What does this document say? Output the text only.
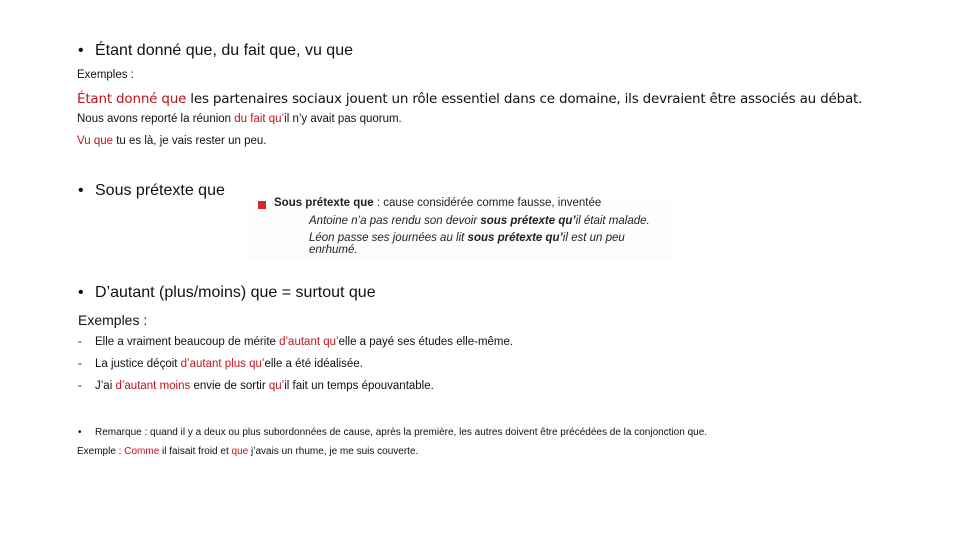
• Étant donné que, du fait que, vu que
Exemples :
Étant donné que les partenaires sociaux jouent un rôle essentiel dans ce domaine, ils devraient être associés au débat.
Nous avons reporté la réunion du fait qu’il n’y avait pas quorum.
Vu que tu es là, je vais rester un peu.
• Sous prétexte que
Sous prétexte que : cause considérée comme fausse, inventée
Antoine n’a pas rendu son devoir sous prétexte qu’il était malade.
Léon passe ses journées au lit sous prétexte qu’il est un peu enrhumé.
• D’autant (plus/moins) que = surtout que
Exemples :
- Elle a vraiment beaucoup de mérite d’autant qu’elle a payé ses études elle-même.
- La justice déçoit d’autant plus qu’elle a été idéalisée.
- J’ai d’autant moins envie de sortir qu’il fait un temps épouvantable.
• Remarque : quand il y a deux ou plus subordonnées de cause, après la première, les autres doivent être précédées de la conjonction que.
Exemple : Comme il faisait froid et que j’avais un rhume, je me suis couverte.
